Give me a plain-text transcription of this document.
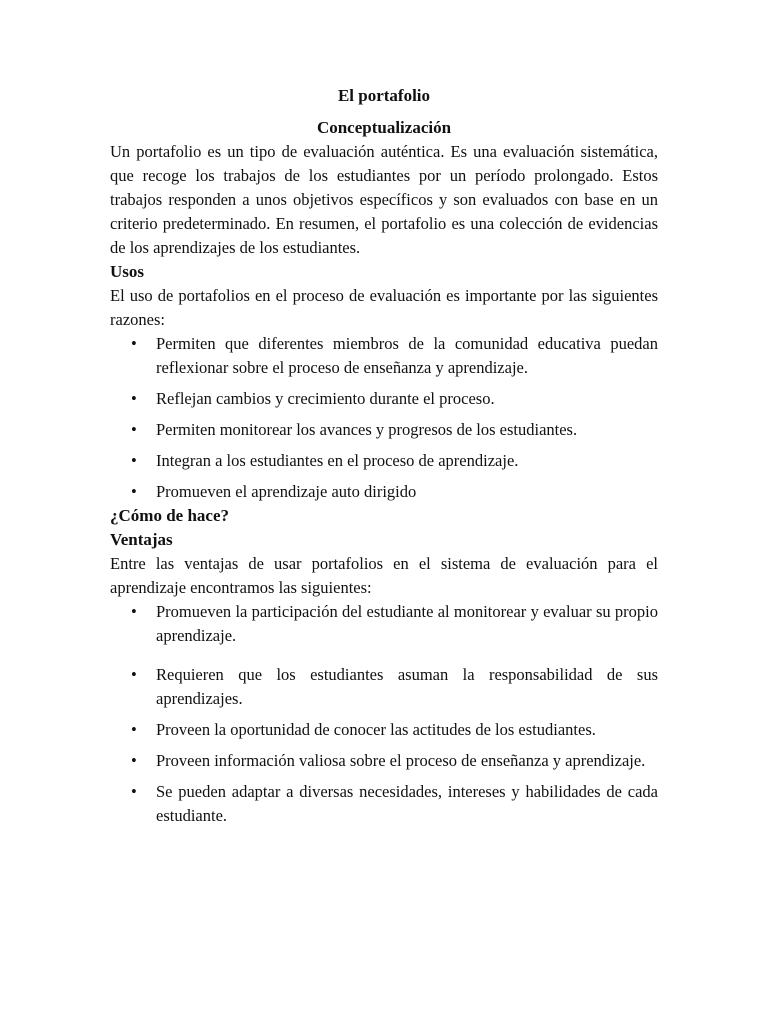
El portafolio
Conceptualización

Un portafolio es un tipo de evaluación auténtica. Es una evaluación sistemática, que recoge los trabajos de los estudiantes por un período prolongado. Estos trabajos responden a unos objetivos específicos y son evaluados con base en un criterio predeterminado. En resumen, el portafolio es una colección de evidencias de los aprendizajes de los estudiantes.

Usos

El uso de portafolios en el proceso de evaluación es importante por las siguientes razones:

• Permiten que diferentes miembros de la comunidad educativa puedan reflexionar sobre el proceso de enseñanza y aprendizaje.
• Reflejan cambios y crecimiento durante el proceso.
• Permiten monitorear los avances y progresos de los estudiantes.
• Integran a los estudiantes en el proceso de aprendizaje.
• Promueven el aprendizaje auto dirigido
¿Cómo de hace?
Ventajas

Entre las ventajas de usar portafolios en el sistema de evaluación para el aprendizaje encontramos las siguientes:

• Promueven la participación del estudiante al monitorear y evaluar su propio aprendizaje.
• Requieren que los estudiantes asuman la responsabilidad de sus aprendizajes.
• Proveen la oportunidad de conocer las actitudes de los estudiantes.
• Proveen información valiosa sobre el proceso de enseñanza y aprendizaje.
• Se pueden adaptar a diversas necesidades, intereses y habilidades de cada estudiante.
